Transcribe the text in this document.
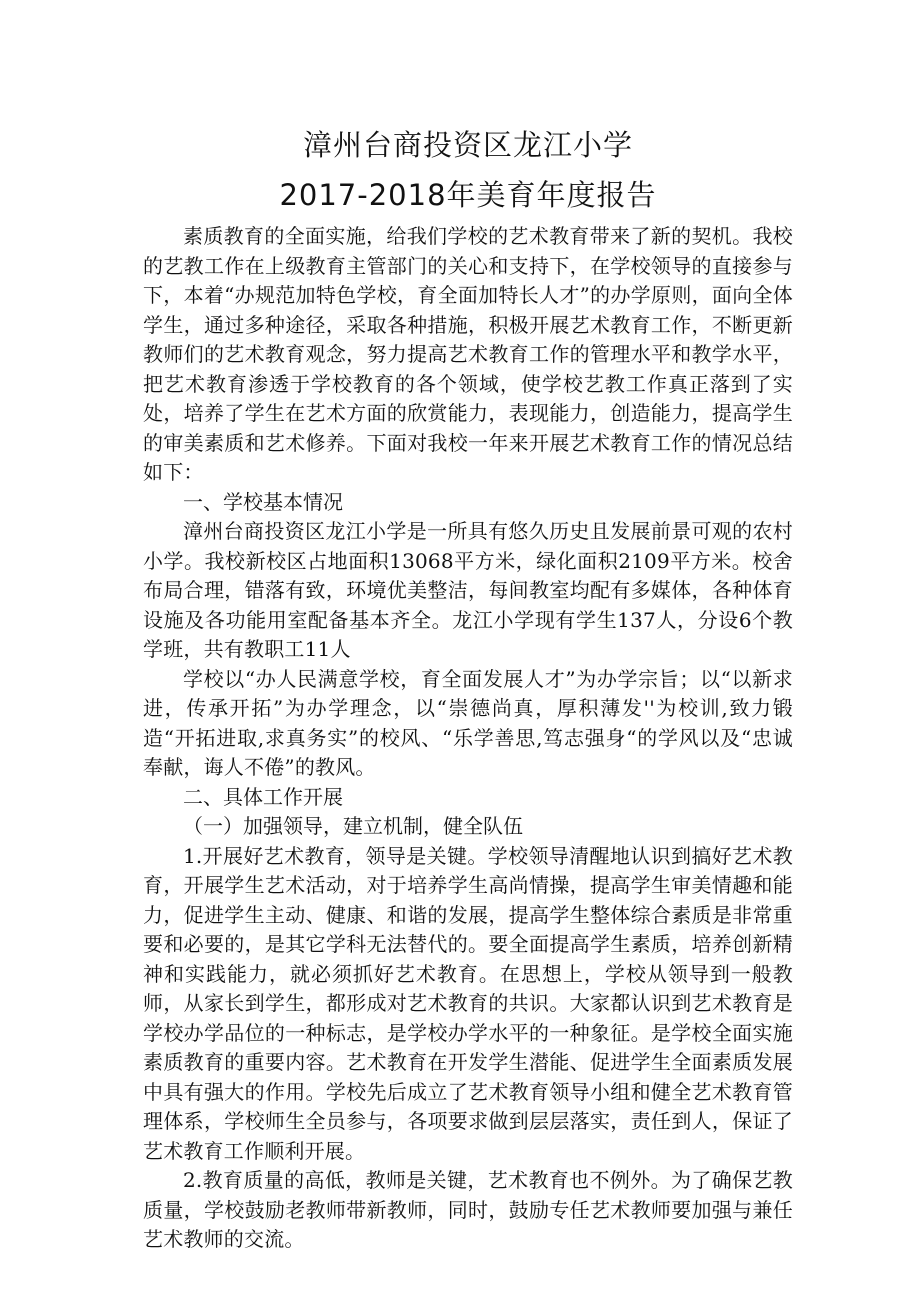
漳州台商投资区龙江小学
2017-2018年美育年度报告

素质教育的全面实施，给我们学校的艺术教育带来了新的契机。我校的艺教工作在上级教育主管部门的关心和支持下，在学校领导的直接参与下，本着“办规范加特色学校，育全面加特长人才”的办学原则，面向全体学生，通过多种途径，采取各种措施，积极开展艺术教育工作，不断更新教师们的艺术教育观念，努力提高艺术教育工作的管理水平和教学水平，把艺术教育渗透于学校教育的各个领域，使学校艺教工作真正落到了实处，培养了学生在艺术方面的欣赏能力，表现能力，创造能力，提高学生的审美素质和艺术修养。下面对我校一年来开展艺术教育工作的情况总结如下：

一、学校基本情况

漳州台商投资区龙江小学是一所具有悠久历史且发展前景可观的农村小学。我校新校区占地面积13068平方米，绿化面积2109平方米。校舍布局合理，错落有致，环境优美整洁，每间教室均配有多媒体，各种体育设施及各功能用室配备基本齐全。龙江小学现有学生137人，分设6个教学班，共有教职工11人

学校以“办人民满意学校，育全面发展人才”为办学宗旨；以“以新求进，传承开拓”为办学理念，以“崇德尚真，厚积薄发''为校训,致力锻造“开拓进取,求真务实”的校风、“乐学善思,笃志强身“的学风以及“忠诚奉献，诲人不倦”的教风。

二、具体工作开展

（一）加强领导，建立机制，健全队伍

1.开展好艺术教育，领导是关键。学校领导清醒地认识到搞好艺术教育，开展学生艺术活动，对于培养学生高尚情操，提高学生审美情趣和能力，促进学生主动、健康、和谐的发展，提高学生整体综合素质是非常重要和必要的，是其它学科无法替代的。要全面提高学生素质，培养创新精神和实践能力，就必须抓好艺术教育。在思想上，学校从领导到一般教师，从家长到学生，都形成对艺术教育的共识。大家都认识到艺术教育是学校办学品位的一种标志，是学校办学水平的一种象征。是学校全面实施素质教育的重要内容。艺术教育在开发学生潜能、促进学生全面素质发展中具有强大的作用。学校先后成立了艺术教育领导小组和健全艺术教育管理体系，学校师生全员参与，各项要求做到层层落实，责任到人，保证了艺术教育工作顺利开展。

2.教育质量的高低，教师是关键，艺术教育也不例外。为了确保艺教质量，学校鼓励老教师带新教师，同时，鼓励专任艺术教师要加强与兼任艺术教师的交流。
